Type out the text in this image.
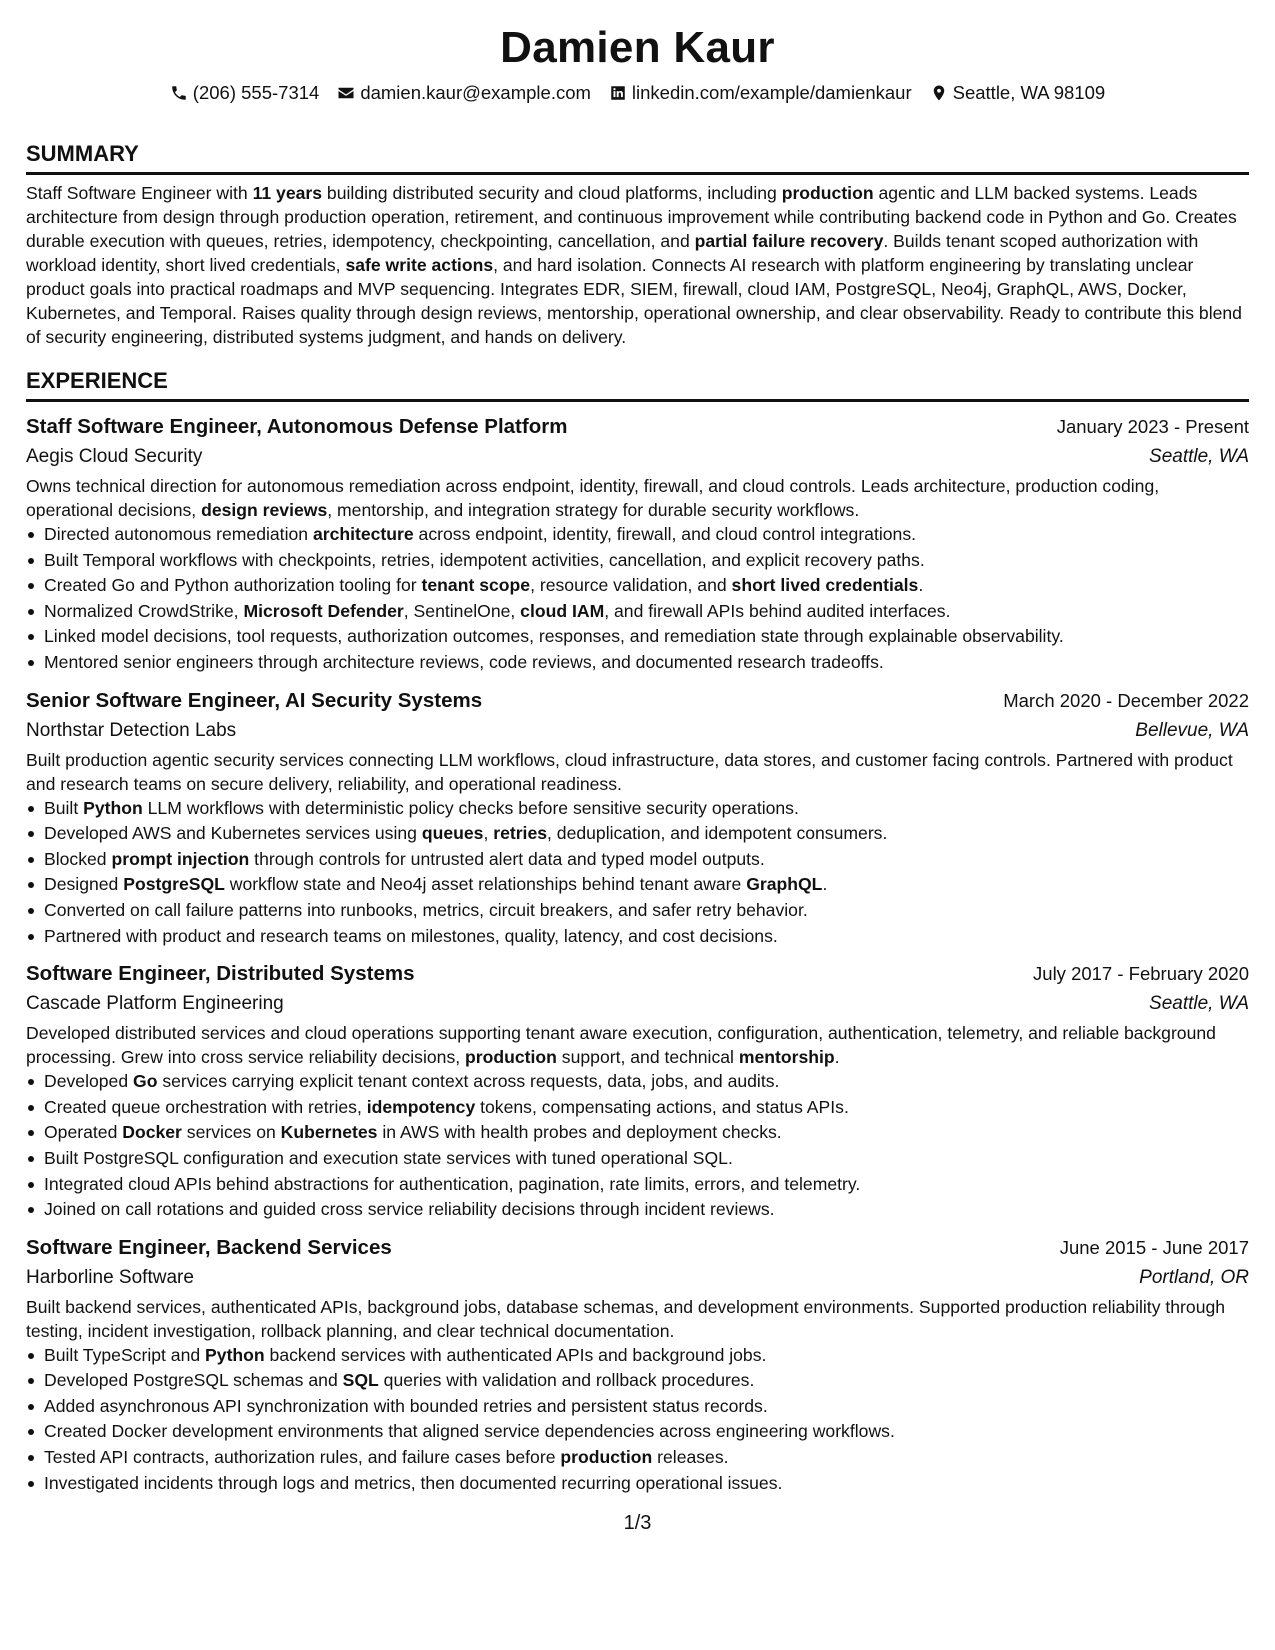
Damien Kaur
(206) 555-7314 damien.kaur@example.com linkedin.com/example/damienkaur Seattle, WA 98109
SUMMARY
Staff Software Engineer with 11 years building distributed security and cloud platforms, including production agentic and LLM backed systems. Leads architecture from design through production operation, retirement, and continuous improvement while contributing backend code in Python and Go. Creates durable execution with queues, retries, idempotency, checkpointing, cancellation, and partial failure recovery. Builds tenant scoped authorization with workload identity, short lived credentials, safe write actions, and hard isolation. Connects AI research with platform engineering by translating unclear product goals into practical roadmaps and MVP sequencing. Integrates EDR, SIEM, firewall, cloud IAM, PostgreSQL, Neo4j, GraphQL, AWS, Docker, Kubernetes, and Temporal. Raises quality through design reviews, mentorship, operational ownership, and clear observability. Ready to contribute this blend of security engineering, distributed systems judgment, and hands on delivery.
EXPERIENCE
Staff Software Engineer, Autonomous Defense Platform	January 2023 - Present
Aegis Cloud Security	Seattle, WA
Owns technical direction for autonomous remediation across endpoint, identity, firewall, and cloud controls. Leads architecture, production coding, operational decisions, design reviews, mentorship, and integration strategy for durable security workflows.
Directed autonomous remediation architecture across endpoint, identity, firewall, and cloud control integrations.
Built Temporal workflows with checkpoints, retries, idempotent activities, cancellation, and explicit recovery paths.
Created Go and Python authorization tooling for tenant scope, resource validation, and short lived credentials.
Normalized CrowdStrike, Microsoft Defender, SentinelOne, cloud IAM, and firewall APIs behind audited interfaces.
Linked model decisions, tool requests, authorization outcomes, responses, and remediation state through explainable observability.
Mentored senior engineers through architecture reviews, code reviews, and documented research tradeoffs.
Senior Software Engineer, AI Security Systems	March 2020 - December 2022
Northstar Detection Labs	Bellevue, WA
Built production agentic security services connecting LLM workflows, cloud infrastructure, data stores, and customer facing controls. Partnered with product and research teams on secure delivery, reliability, and operational readiness.
Built Python LLM workflows with deterministic policy checks before sensitive security operations.
Developed AWS and Kubernetes services using queues, retries, deduplication, and idempotent consumers.
Blocked prompt injection through controls for untrusted alert data and typed model outputs.
Designed PostgreSQL workflow state and Neo4j asset relationships behind tenant aware GraphQL.
Converted on call failure patterns into runbooks, metrics, circuit breakers, and safer retry behavior.
Partnered with product and research teams on milestones, quality, latency, and cost decisions.
Software Engineer, Distributed Systems	July 2017 - February 2020
Cascade Platform Engineering	Seattle, WA
Developed distributed services and cloud operations supporting tenant aware execution, configuration, authentication, telemetry, and reliable background processing. Grew into cross service reliability decisions, production support, and technical mentorship.
Developed Go services carrying explicit tenant context across requests, data, jobs, and audits.
Created queue orchestration with retries, idempotency tokens, compensating actions, and status APIs.
Operated Docker services on Kubernetes in AWS with health probes and deployment checks.
Built PostgreSQL configuration and execution state services with tuned operational SQL.
Integrated cloud APIs behind abstractions for authentication, pagination, rate limits, errors, and telemetry.
Joined on call rotations and guided cross service reliability decisions through incident reviews.
Software Engineer, Backend Services	June 2015 - June 2017
Harborline Software	Portland, OR
Built backend services, authenticated APIs, background jobs, database schemas, and development environments. Supported production reliability through testing, incident investigation, rollback planning, and clear technical documentation.
Built TypeScript and Python backend services with authenticated APIs and background jobs.
Developed PostgreSQL schemas and SQL queries with validation and rollback procedures.
Added asynchronous API synchronization with bounded retries and persistent status records.
Created Docker development environments that aligned service dependencies across engineering workflows.
Tested API contracts, authorization rules, and failure cases before production releases.
Investigated incidents through logs and metrics, then documented recurring operational issues.
1/3
